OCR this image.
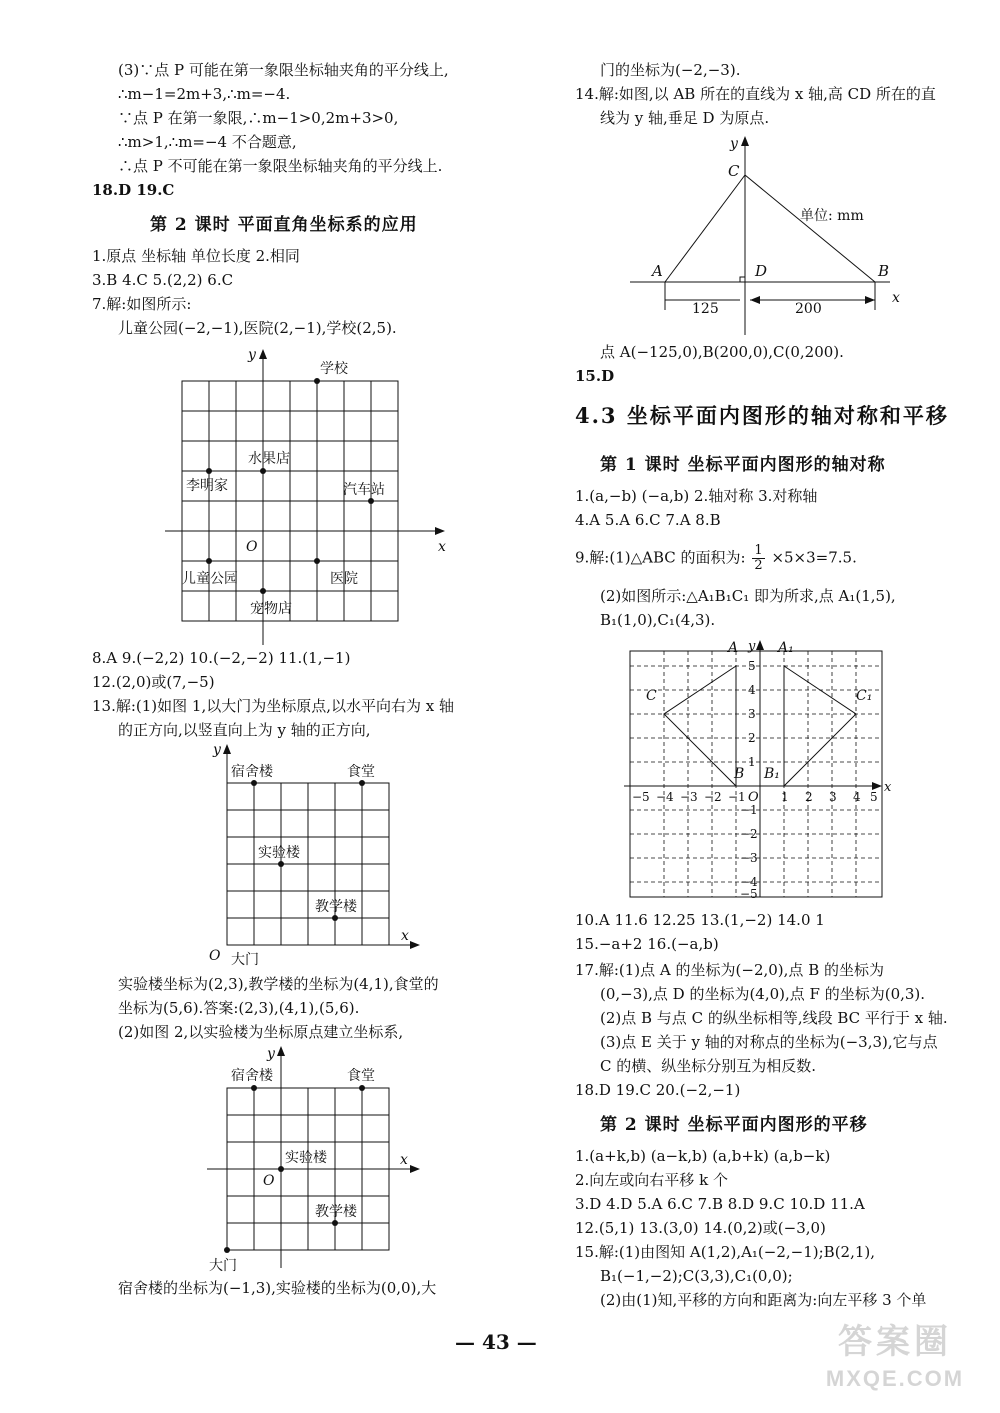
(3)∵点 P 可能在第一象限坐标轴夹角的平分线上,
∴m−1=2m+3,∴m=−4.
∵点 P 在第一象限,∴m−1>0,2m+3>0,
∴m>1,∴m=−4 不合题意,
∴点 P 不可能在第一象限坐标轴夹角的平分线上.
18.D 19.C
第 2 课时 平面直角坐标系的应用
1.原点 坐标轴 单位长度 2.相同
3.B 4.C 5.(2,2) 6.C
7.解:如图所示:
儿童公园(−2,−1),医院(2,−1),学校(2,5).
x
y
O
学校
水果店
李明家	汽车站
儿童公园	医院
宠物店
8.A 9.(−2,2) 10.(−2,−2) 11.(1,−1)
12.(2,0)或(7,−5)
13.解:(1)如图 1,以大门为坐标原点,以水平向右为 x 轴
的正方向,以竖直向上为 y 轴的正方向,
x
y
O
宿舍楼	食堂
实验楼
教学楼
大门
实验楼坐标为(2,3),教学楼的坐标为(4,1),食堂的
坐标为(5,6).答案:(2,3),(4,1),(5,6).
(2)如图 2,以实验楼为坐标原点建立坐标系,
x
y
O
宿舍楼	食堂
实验楼
教学楼
大门
宿舍楼的坐标为(−1,3),实验楼的坐标为(0,0),大
门的坐标为(−2,−3).
14.解:如图,以 AB 所在的直线为 x 轴,高 CD 所在的直
线为 y 轴,垂足 D 为原点.
x
y
C
A	D	B
单位: mm
125	200
点 A(−125,0),B(200,0),C(0,200).
15.D
4.3 坐标平面内图形的轴对称和平移
第 1 课时 坐标平面内图形的轴对称
1.(a,−b) (−a,b) 2.轴对称 3.对称轴
4.A 5.A 6.C 7.A 8.B
9.解:(1)△ABC 的面积为: $\frac{1}{2} \times 5\times 3=7.5$.
(2)如图所示:△A₁B₁C₁ 即为所求,点 A₁(1,5),
B₁(1,0),C₁(4,3).
x
y
O
−5 −4 −3 −2 −1	1 2 3 4 5
5
4
3
2
1
−1
−2
−3
−4
−5
A	A₁
C	C₁
B B₁
10.A 11.6 12.25 13.(1,−2) 14.0 1
15.−a+2 16.(−a,b)
17.解:(1)点 A 的坐标为(−2,0),点 B 的坐标为
(0,−3),点 D 的坐标为(4,0),点 F 的坐标为(0,3).
(2)点 B 与点 C 的纵坐标相等,线段 BC 平行于 x 轴.
(3)点 E 关于 y 轴的对称点的坐标为(−3,3),它与点
C 的横、纵坐标分别互为相反数.
18.D 19.C 20.(−2,−1)
第 2 课时 坐标平面内图形的平移
1.(a+k,b) (a−k,b) (a,b+k) (a,b−k)
2.向左或向右平移 k 个
3.D 4.D 5.A 6.C 7.B 8.D 9.C 10.D 11.A
12.(5,1) 13.(3,0) 14.(0,2)或(−3,0)
15.解:(1)由图知 A(1,2),A₁(−2,−1);B(2,1),
B₁(−1,−2);C(3,3),C₁(0,0);
(2)由(1)知,平移的方向和距离为:向左平移 3 个单
— 43 —	答案圈
MXQE.COM
